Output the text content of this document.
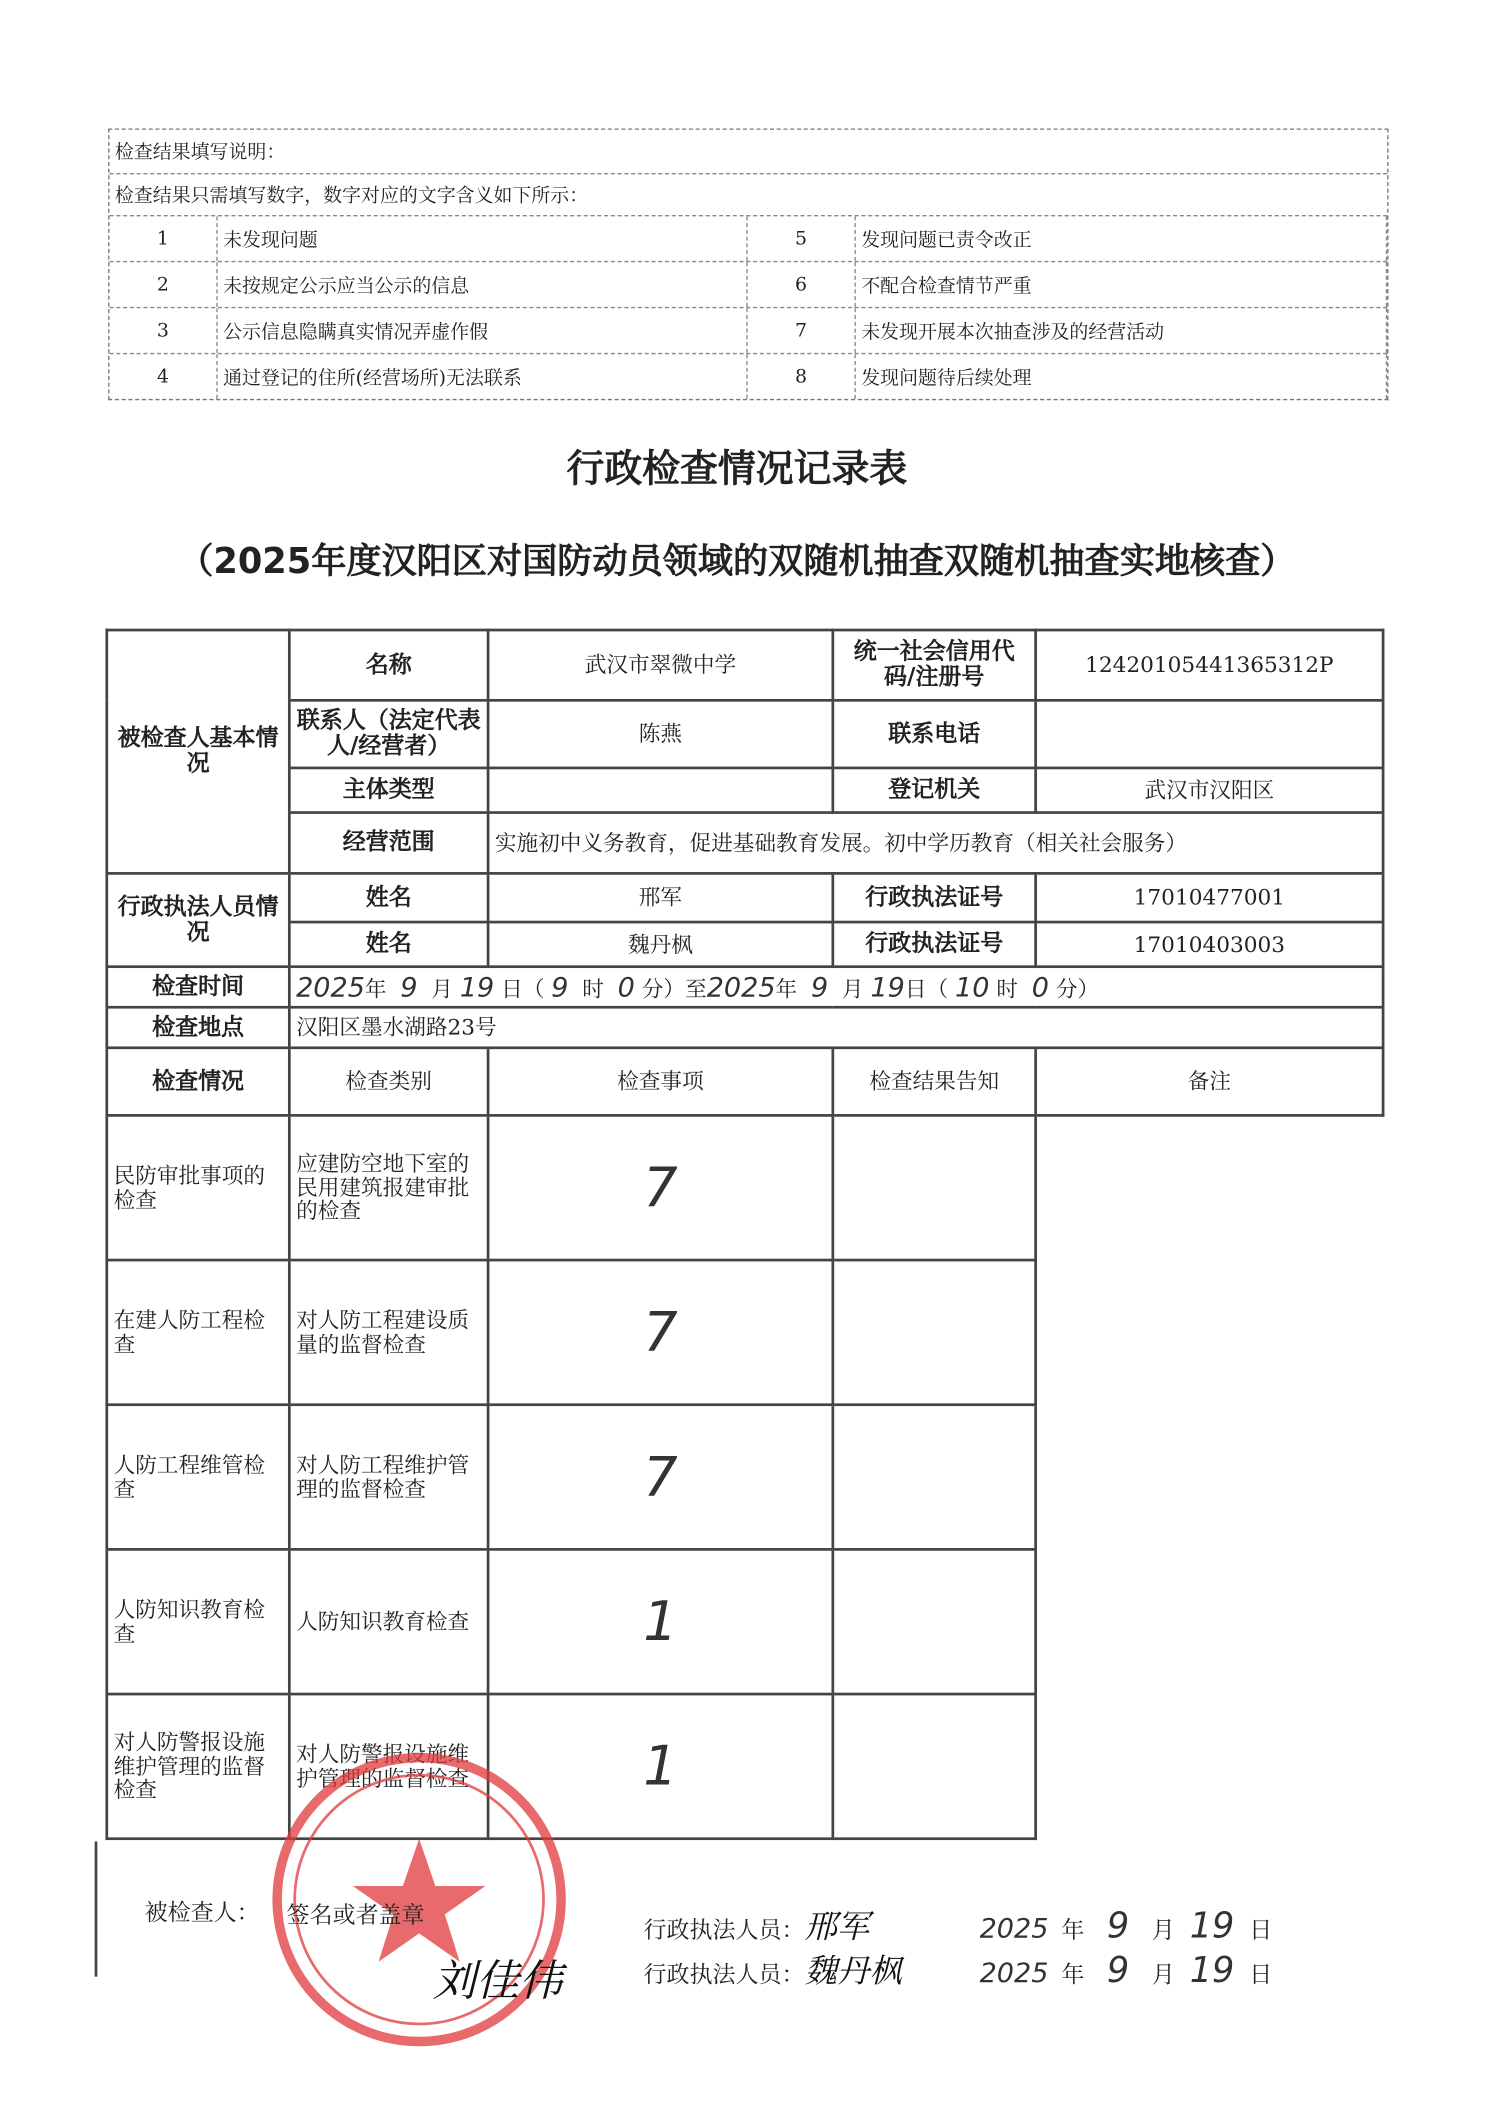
检查结果填写说明：
检查结果只需填写数字，数字对应的文字含义如下所示：
1	未发现问题	5	发现问题已责令改正
2	未按规定公示应当公示的信息	6	不配合检查情节严重
3	公示信息隐瞒真实情况弄虚作假	7	未发现开展本次抽查涉及的经营活动
4	通过登记的住所(经营场所)无法联系	8	发现问题待后续处理
行政检查情况记录表
（2025年度汉阳区对国防动员领域的双随机抽查双随机抽查实地核查）
被检查人基本情况	名称	武汉市翠微中学	统一社会信用代码/注册号	12420105441365312P
联系人（法定代表人/经营者）	陈燕	联系电话	
主体类型		登记机关	武汉市汉阳区
经营范围	实施初中义务教育，促进基础教育发展。初中学历教育（相关社会服务）
行政执法人员情况	姓名	邢军	行政执法证号	17010477001
姓名	魏丹枫	行政执法证号	17010403003
检查时间	2025年 9 月 19 日（ 9 时 0 分）至2025年 9 月 19日（ 10 时 0 分）
检查地点	汉阳区墨水湖路23号
检查情况	检查类别	检查事项	检查结果告知	备注
民防审批事项的检查	应建防空地下室的民用建筑报建审批的检查	7	
在建人防工程检查	对人防工程建设质量的监督检查	7	
人防工程维管检查	对人防工程维护管理的监督检查	7	
人防知识教育检查	人防知识教育检查	1	
对人防警报设施维护管理的监督检查	对人防警报设施维护管理的监督检查	1	
被检查人： 签名或者盖章
刘佳伟
行政执法人员： 邢军	2025 年 9	月 19 日
行政执法人员： 魏丹枫	2025 年 9	月 19 日
